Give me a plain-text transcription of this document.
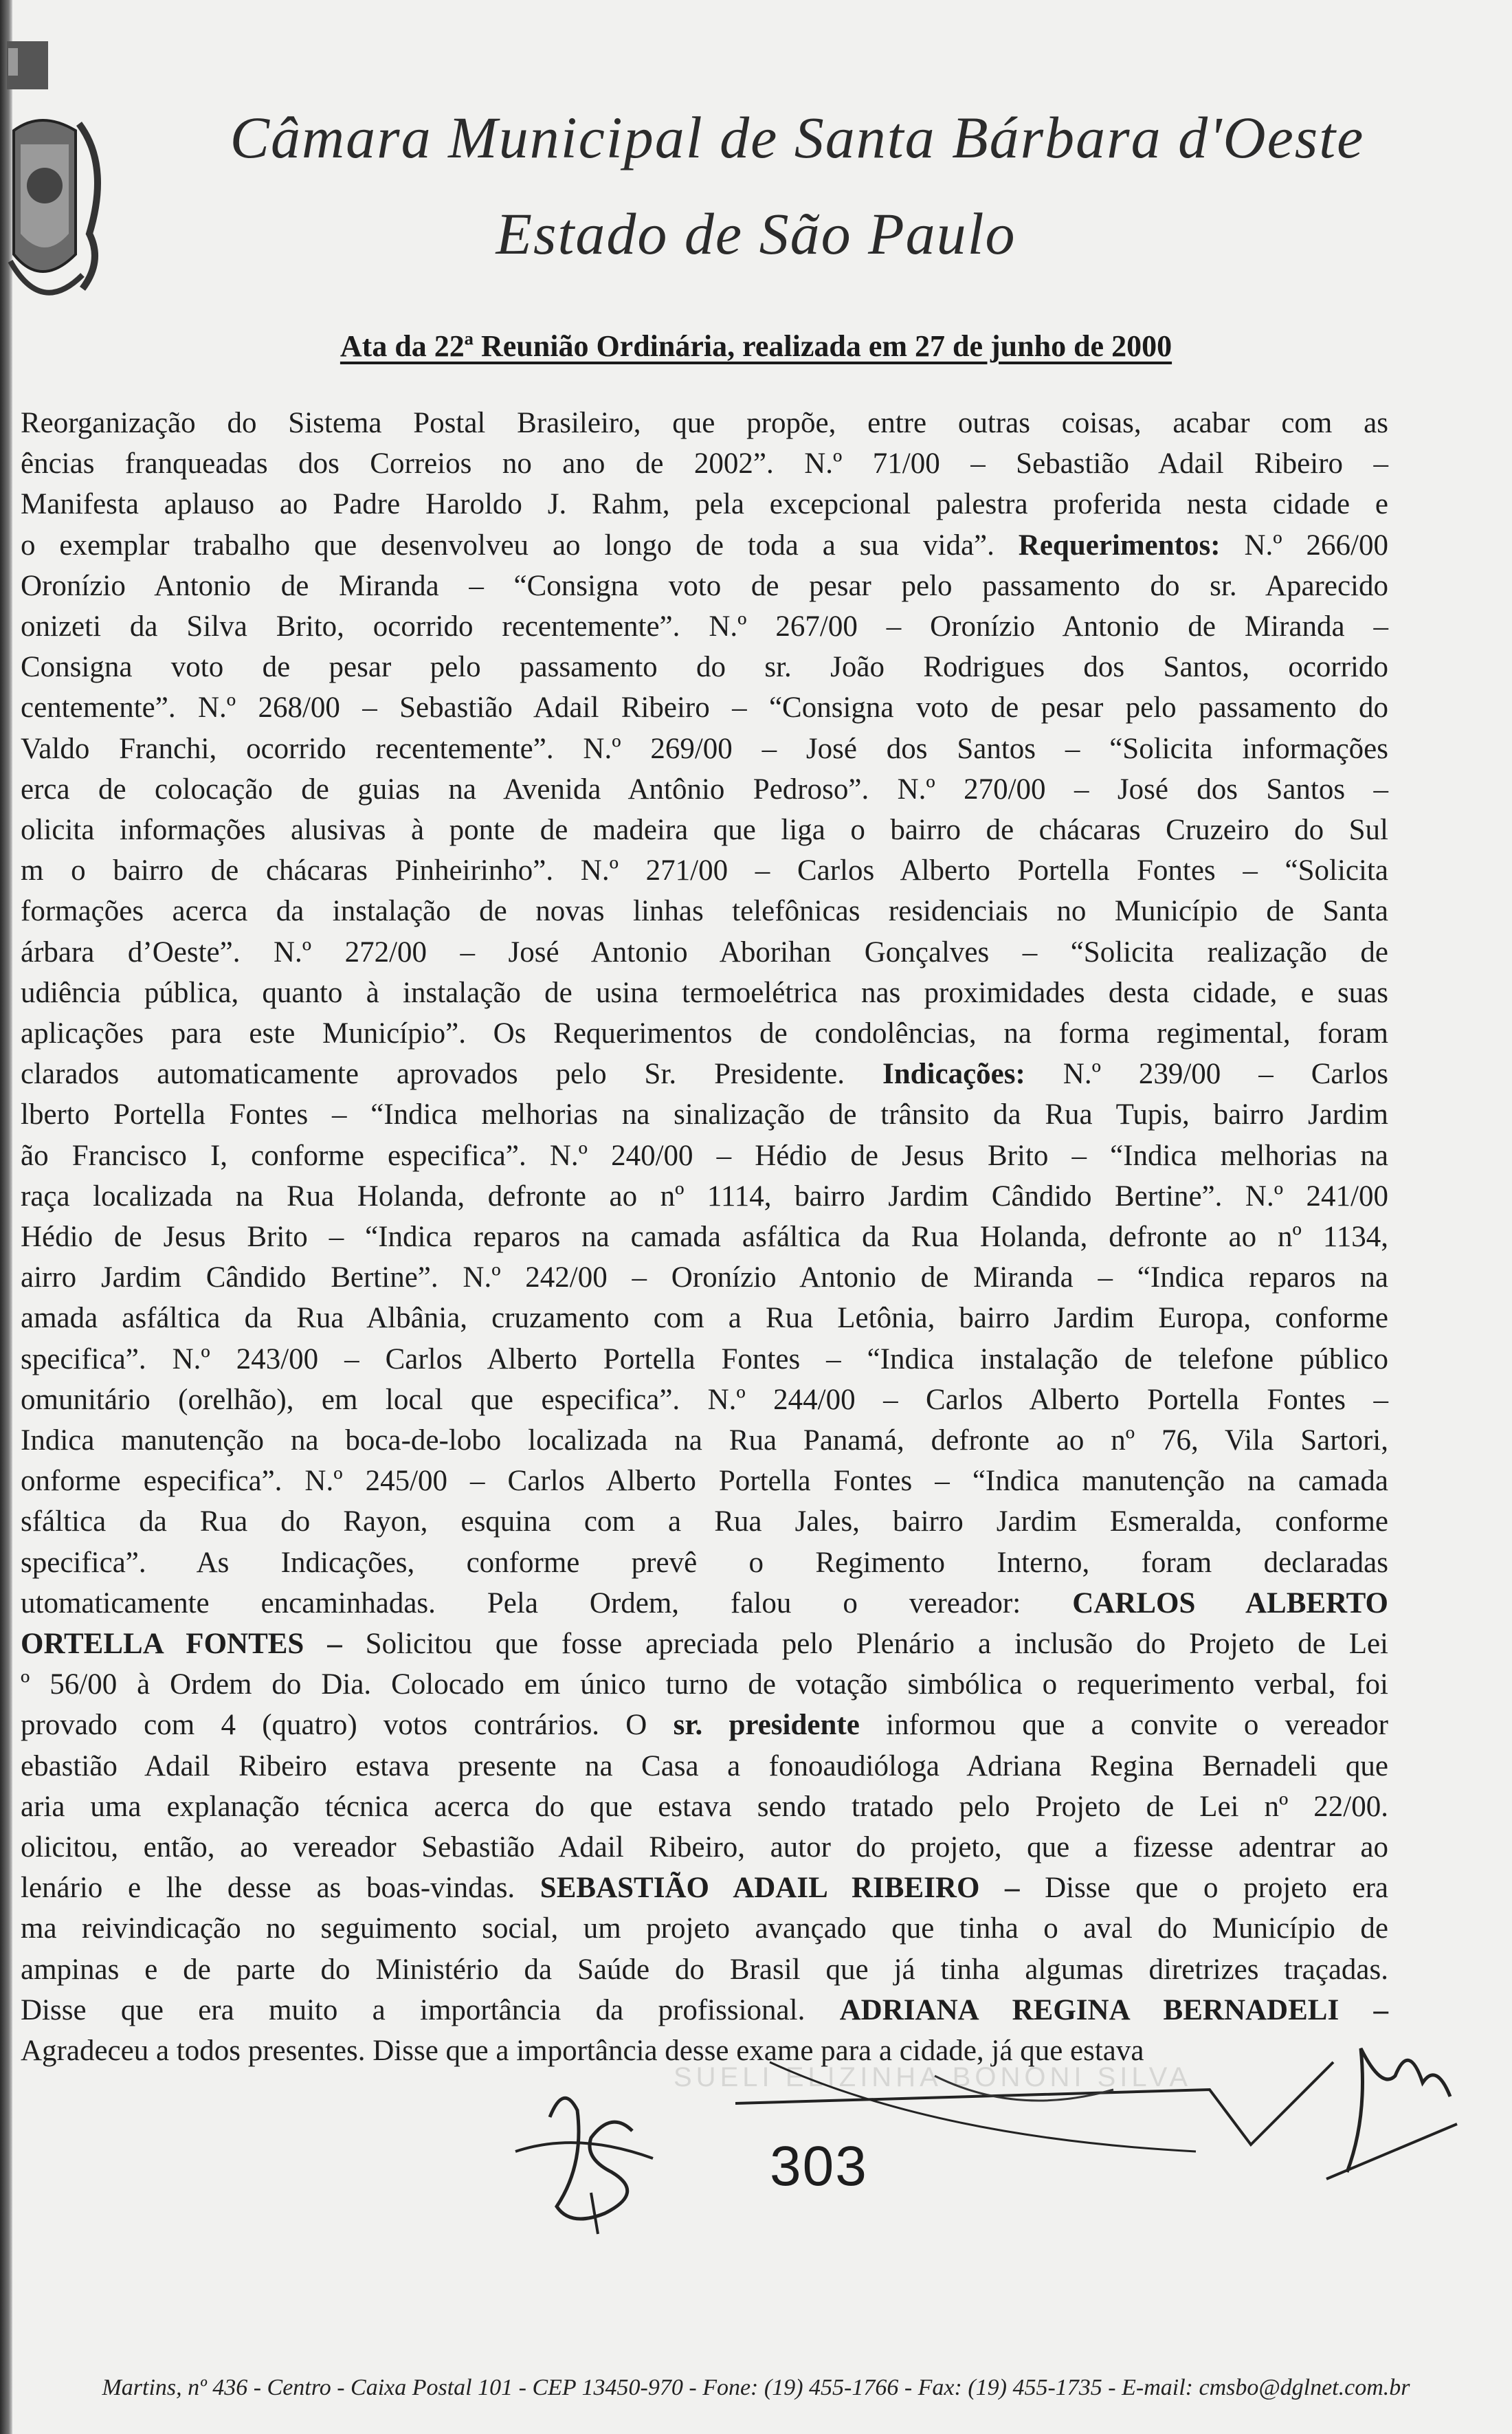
Câmara Municipal de Santa Bárbara d'Oeste
Estado de São Paulo
Ata da 22ª Reunião Ordinária, realizada em 27 de junho de 2000
Reorganização do Sistema Postal Brasileiro, que propõe, entre outras coisas, acabar com as
ências franqueadas dos Correios no ano de 2002”. N.º 71/00 – Sebastião Adail Ribeiro –
Manifesta aplauso ao Padre Haroldo J. Rahm, pela excepcional palestra proferida nesta cidade e
o exemplar trabalho que desenvolveu ao longo de toda a sua vida”. Requerimentos: N.º 266/00
Oronízio Antonio de Miranda – “Consigna voto de pesar pelo passamento do sr. Aparecido
onizeti da Silva Brito, ocorrido recentemente”. N.º 267/00 – Oronízio Antonio de Miranda –
Consigna voto de pesar pelo passamento do sr. João Rodrigues dos Santos, ocorrido
centemente”. N.º 268/00 – Sebastião Adail Ribeiro – “Consigna voto de pesar pelo passamento do
Valdo Franchi, ocorrido recentemente”. N.º 269/00 – José dos Santos – “Solicita informações
erca de colocação de guias na Avenida Antônio Pedroso”. N.º 270/00 – José dos Santos –
olicita informações alusivas à ponte de madeira que liga o bairro de chácaras Cruzeiro do Sul
m o bairro de chácaras Pinheirinho”. N.º 271/00 – Carlos Alberto Portella Fontes – “Solicita
formações acerca da instalação de novas linhas telefônicas residenciais no Município de Santa
árbara d’Oeste”. N.º 272/00 – José Antonio Aborihan Gonçalves – “Solicita realização de
udiência pública, quanto à instalação de usina termoelétrica nas proximidades desta cidade, e suas
aplicações para este Município”. Os Requerimentos de condolências, na forma regimental, foram
clarados automaticamente aprovados pelo Sr. Presidente. Indicações: N.º 239/00 – Carlos
lberto Portella Fontes – “Indica melhorias na sinalização de trânsito da Rua Tupis, bairro Jardim
ão Francisco I, conforme especifica”. N.º 240/00 – Hédio de Jesus Brito – “Indica melhorias na
raça localizada na Rua Holanda, defronte ao nº 1114, bairro Jardim Cândido Bertine”. N.º 241/00
Hédio de Jesus Brito – “Indica reparos na camada asfáltica da Rua Holanda, defronte ao nº 1134,
airro Jardim Cândido Bertine”. N.º 242/00 – Oronízio Antonio de Miranda – “Indica reparos na
amada asfáltica da Rua Albânia, cruzamento com a Rua Letônia, bairro Jardim Europa, conforme
specifica”. N.º 243/00 – Carlos Alberto Portella Fontes – “Indica instalação de telefone público
omunitário (orelhão), em local que especifica”. N.º 244/00 – Carlos Alberto Portella Fontes –
Indica manutenção na boca-de-lobo localizada na Rua Panamá, defronte ao nº 76, Vila Sartori,
onforme especifica”. N.º 245/00 – Carlos Alberto Portella Fontes – “Indica manutenção na camada
sfáltica da Rua do Rayon, esquina com a Rua Jales, bairro Jardim Esmeralda, conforme
specifica”. As Indicações, conforme prevê o Regimento Interno, foram declaradas
utomaticamente encaminhadas. Pela Ordem, falou o vereador: CARLOS ALBERTO
ORTELLA FONTES – Solicitou que fosse apreciada pelo Plenário a inclusão do Projeto de Lei
º 56/00 à Ordem do Dia. Colocado em único turno de votação simbólica o requerimento verbal, foi
provado com 4 (quatro) votos contrários. O sr. presidente informou que a convite o vereador
ebastião Adail Ribeiro estava presente na Casa a fonoaudióloga Adriana Regina Bernadeli que
aria uma explanação técnica acerca do que estava sendo tratado pelo Projeto de Lei nº 22/00.
olicitou, então, ao vereador Sebastião Adail Ribeiro, autor do projeto, que a fizesse adentrar ao
lenário e lhe desse as boas-vindas. SEBASTIÃO ADAIL RIBEIRO – Disse que o projeto era
ma reivindicação no seguimento social, um projeto avançado que tinha o aval do Município de
ampinas e de parte do Ministério da Saúde do Brasil que já tinha algumas diretrizes traçadas.
Disse que era muito a importância da profissional. ADRIANA REGINA BERNADELI –
Agradeceu a todos presentes. Disse que a importância desse exame para a cidade, já que estava
SUELI ELIZINHA BONONI SILVA
303
Martins, nº 436 - Centro - Caixa Postal 101 - CEP 13450-970 - Fone: (19) 455-1766 - Fax: (19) 455-1735 - E-mail: cmsbo@dglnet.com.br
